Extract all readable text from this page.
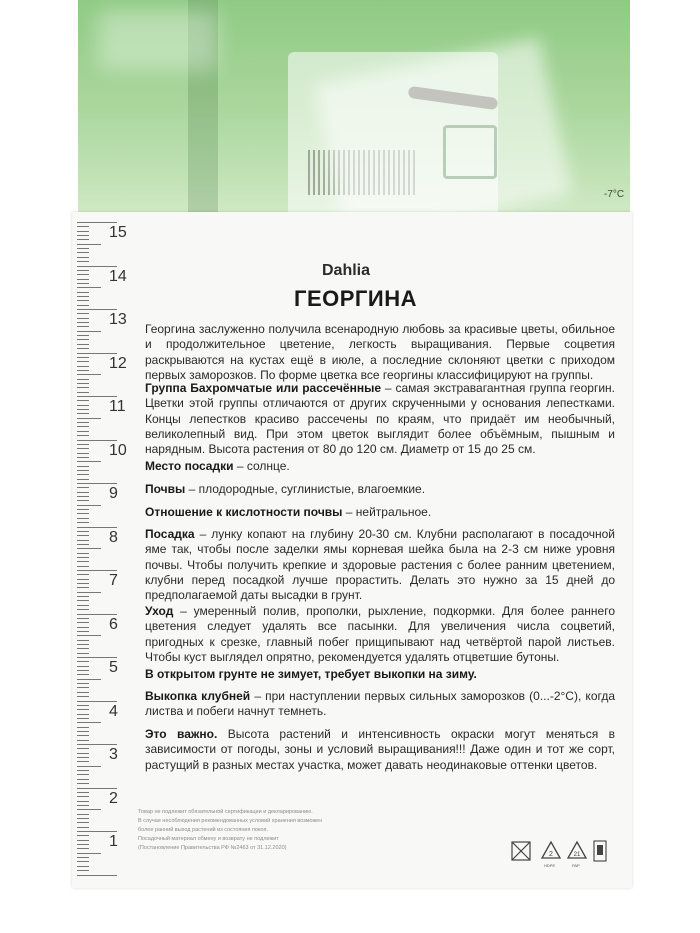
-7°C
15
14
13
12
11
10
9
8
7
6
5
4
3
2
1
Dahlia
ГЕОРГИНА
Георгина заслуженно получила всенародную любовь за красивые цветы, обильное и продолжительное цветение, легкость выращивания. Первые соцветия раскрываются на кустах ещё в июле, а последние склоняют цветки с приходом первых заморозков. По форме цветка все георгины классифицируют на группы.
Группа Бахромчатые или рассечённые – самая экстравагантная группа георгин. Цветки этой группы отличаются от других скрученными у основания лепестками. Концы лепестков красиво рассечены по краям, что придаёт им необычный, великолепный вид. При этом цветок выглядит более объёмным, пышным и нарядным. Высота растения от 80 до 120 см. Диаметр от 15 до 25 см.
Место посадки – солнце.
Почвы – плодородные, суглинистые, влагоемкие.
Отношение к кислотности почвы – нейтральное.
Посадка – лунку копают на глубину 20-30 см. Клубни располагают в посадочной яме так, чтобы после заделки ямы корневая шейка была на 2-3 см ниже уровня почвы. Чтобы получить крепкие и здоровые растения с более ранним цветением, клубни перед посадкой лучше прорастить. Делать это нужно за 15 дней до предполагаемой даты высадки в грунт.
Уход – умеренный полив, прополки, рыхление, подкормки. Для более раннего цветения следует удалять все пасынки. Для увеличения числа соцветий, пригодных к срезке, главный побег прищипывают над четвёртой парой листьев. Чтобы куст выглядел опрятно, рекомендуется удалять отцветшие бутоны.
В открытом грунте не зимует, требует выкопки на зиму.
Выкопка клубней – при наступлении первых сильных заморозков (0...-2°С), когда листва и побеги начнут темнеть.
Это важно. Высота растений и интенсивность окраски могут меняться в зависимости от погоды, зоны и условий выращивания!!! Даже один и тот же сорт, растущий в разных местах участка, может давать неодинаковые оттенки цветов.
Товар не подлежит обязательной сертификации и декларированию.
В случае несоблюдения рекомендованных условий хранения возможен
более ранний выход растений из состояния покоя.
Посадочный материал обмену и возврату не подлежит
(Постановление Правительства РФ №2463 от 31.12.2020)
2
HDPE
21
PAP
